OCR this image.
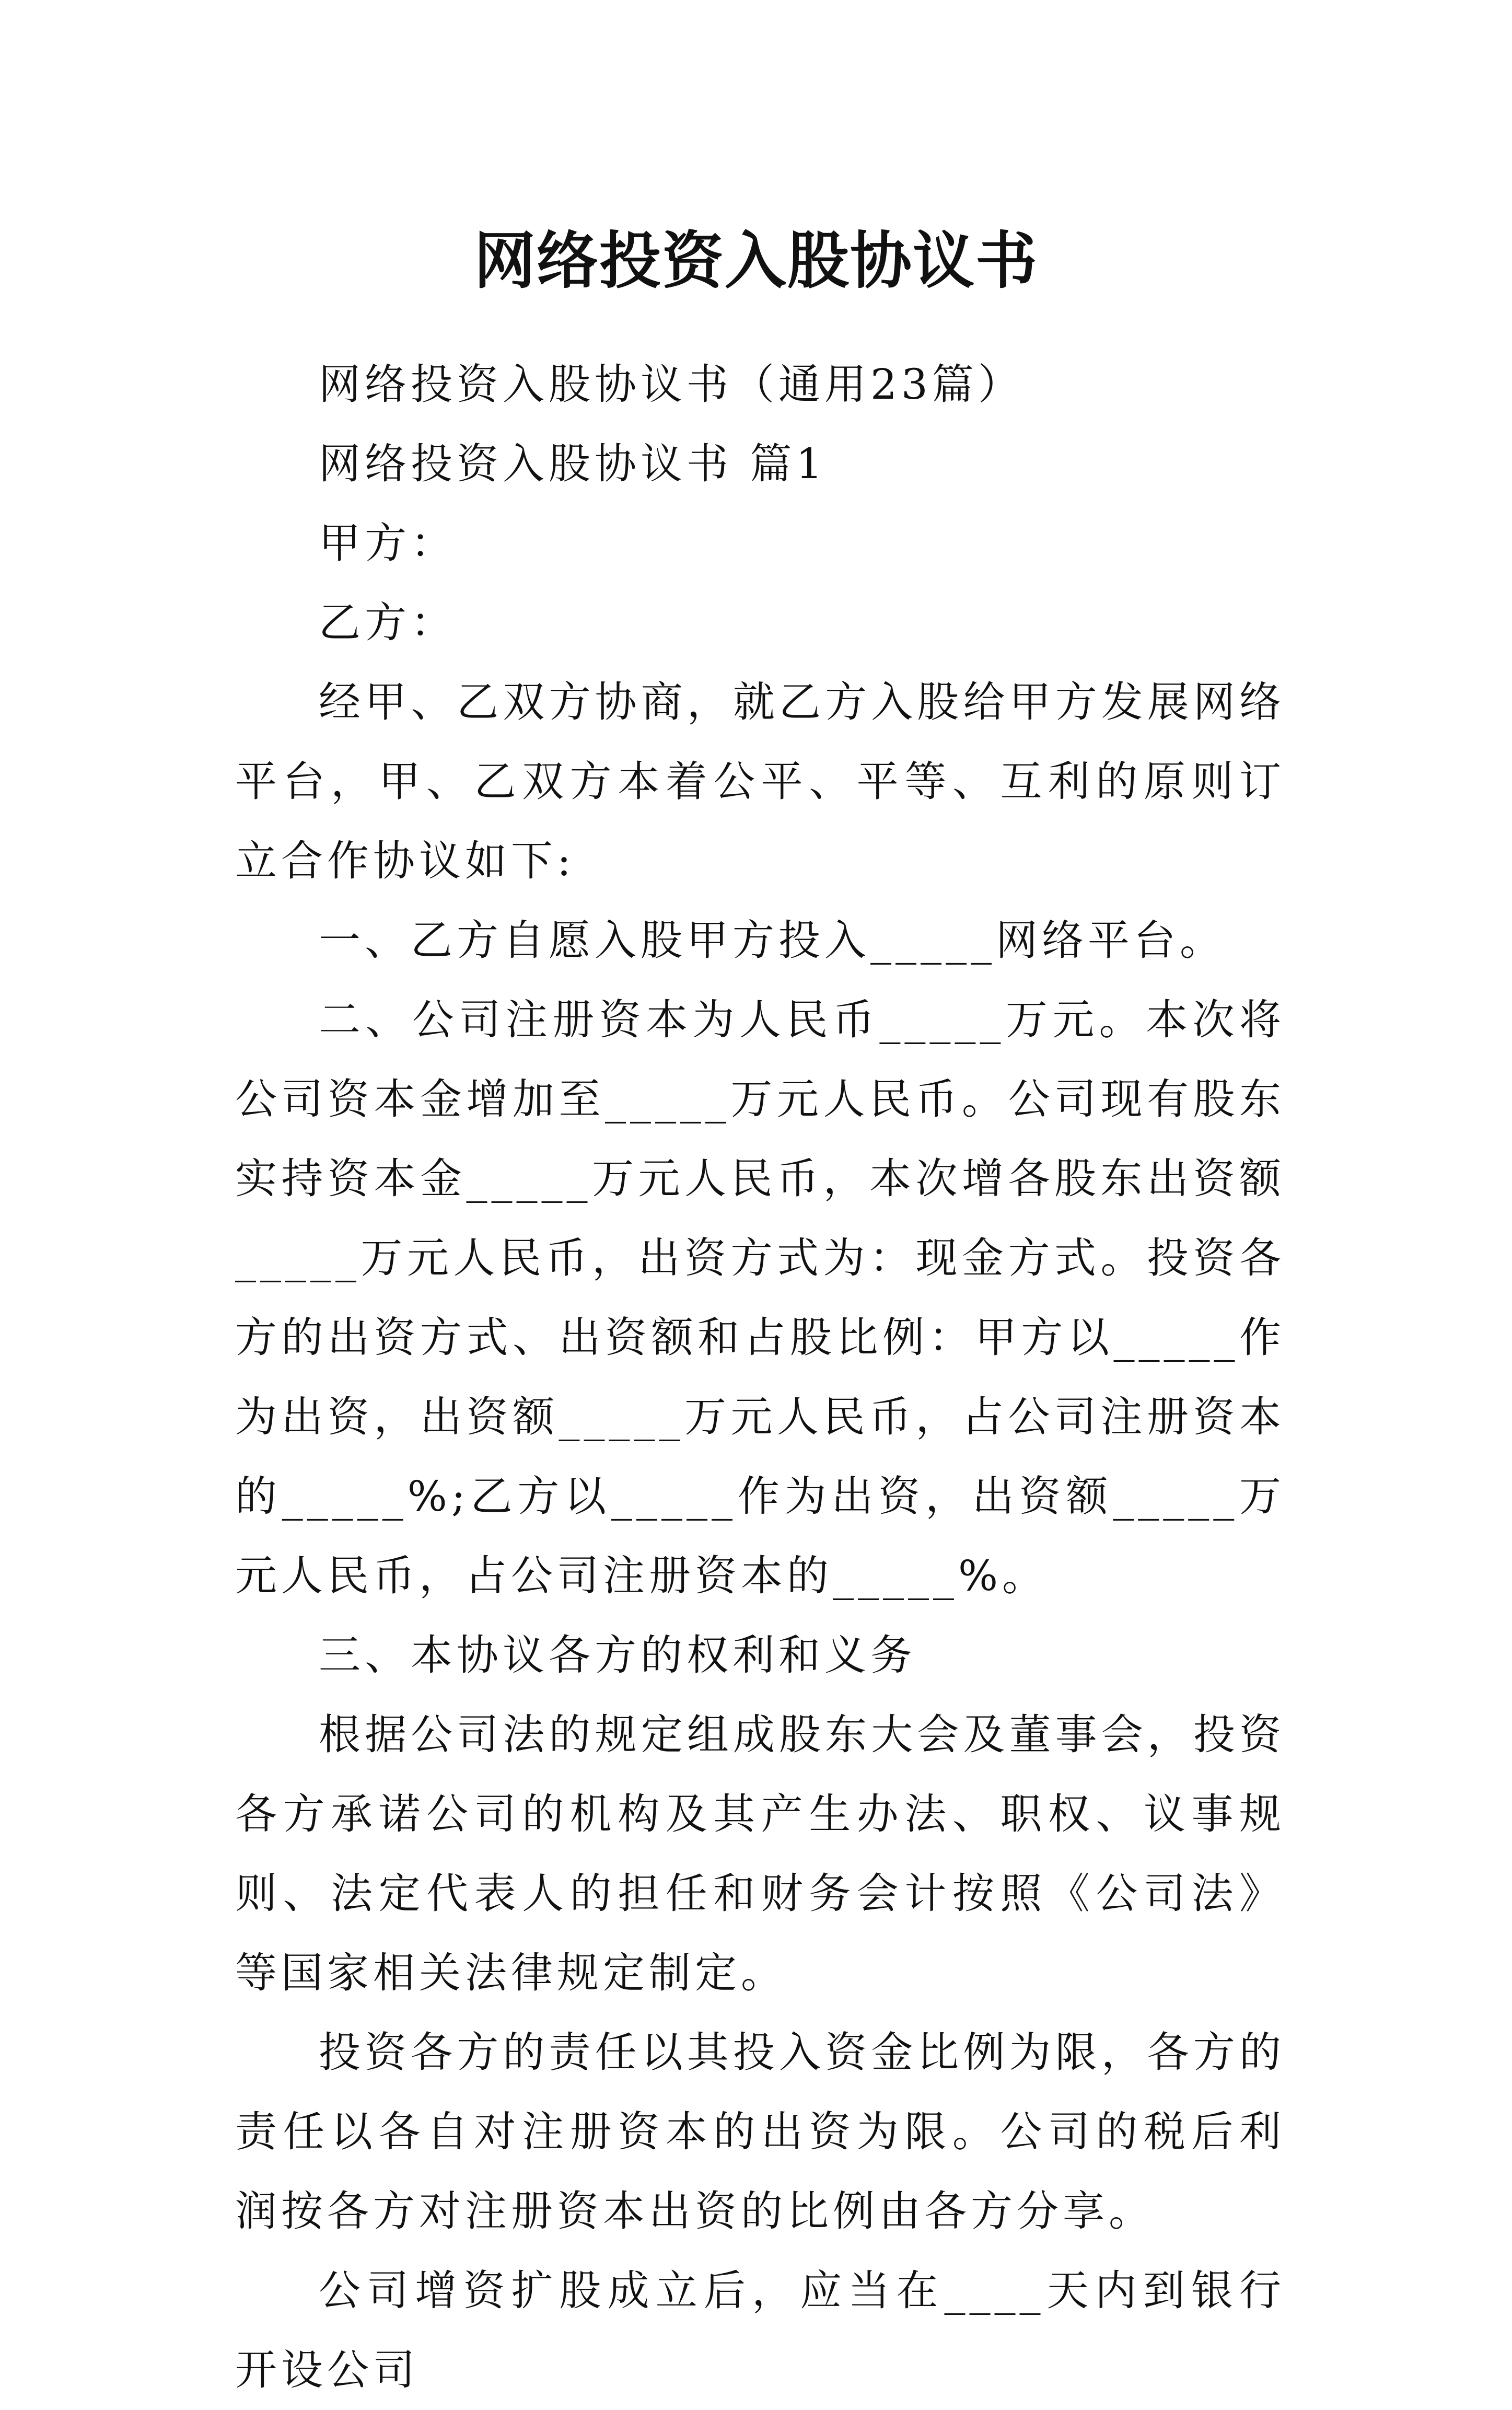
网络投资入股协议书

网络投资入股协议书（通用23篇）

网络投资入股协议书 篇1

甲方：

乙方：

经甲、乙双方协商，就乙方入股给甲方发展网络平台，甲、乙双方本着公平、平等、互利的原则订立合作协议如下:

一、乙方自愿入股甲方投入_____网络平台。

二、公司注册资本为人民币_____万元。本次将公司资本金增加至_____万元人民币。公司现有股东实持资本金_____万元人民币，本次增各股东出资额_____万元人民币，出资方式为：现金方式。投资各方的出资方式、出资额和占股比例：甲方以_____作为出资，出资额_____万元人民币，占公司注册资本的_____%;乙方以_____作为出资，出资额_____万元人民币，占公司注册资本的_____%。

三、本协议各方的权利和义务

根据公司法的规定组成股东大会及董事会，投资各方承诺公司的机构及其产生办法、职权、议事规则、法定代表人的担任和财务会计按照《公司法》等国家相关法律规定制定。

投资各方的责任以其投入资金比例为限，各方的责任以各自对注册资本的出资为限。公司的税后利润按各方对注册资本出资的比例由各方分享。

公司增资扩股成立后，应当在____天内到银行开设公司
